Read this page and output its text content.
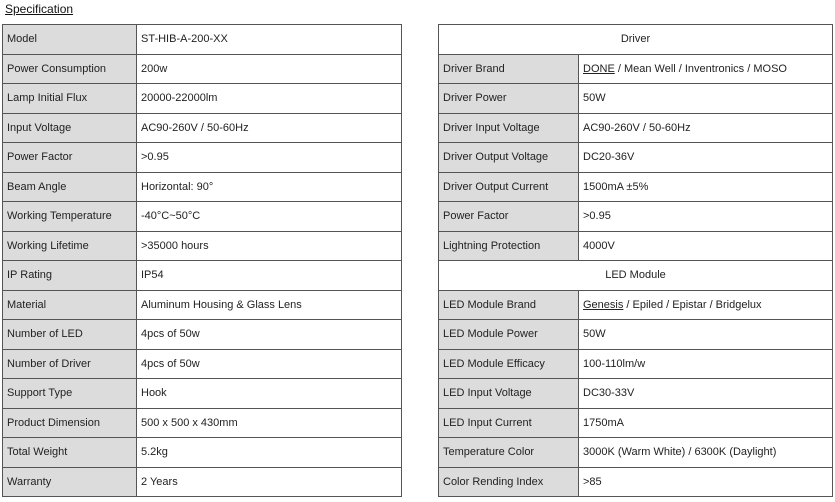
Specification
Model	ST-HIB-A-200-XX
Power Consumption	200w
Lamp Initial Flux	20000-22000lm
Input Voltage	AC90-260V / 50-60Hz
Power Factor	>0.95
Beam Angle	Horizontal: 90°
Working Temperature	-40°C~50°C
Working Lifetime	>35000 hours
IP Rating	IP54
Material	Aluminum Housing & Glass Lens
Number of LED	4pcs of 50w
Number of Driver	4pcs of 50w
Support Type	Hook
Product Dimension	500 x 500 x 430mm
Total Weight	5.2kg
Warranty	2 Years
Driver	
Driver Brand	DONE / Mean Well / Inventronics / MOSO
Driver Power	50W
Driver Input Voltage	AC90-260V / 50-60Hz
Driver Output Voltage	DC20-36V
Driver Output Current	1500mA ±5%
Power Factor	>0.95
Lightning Protection	4000V
LED Module	
LED Module Brand	Genesis / Epiled / Epistar / Bridgelux
LED Module Power	50W
LED Module Efficacy	100-110lm/w
LED Input Voltage	DC30-33V
LED Input Current	1750mA
Temperature Color	3000K (Warm White) / 6300K (Daylight)
Color Rending Index	>85
